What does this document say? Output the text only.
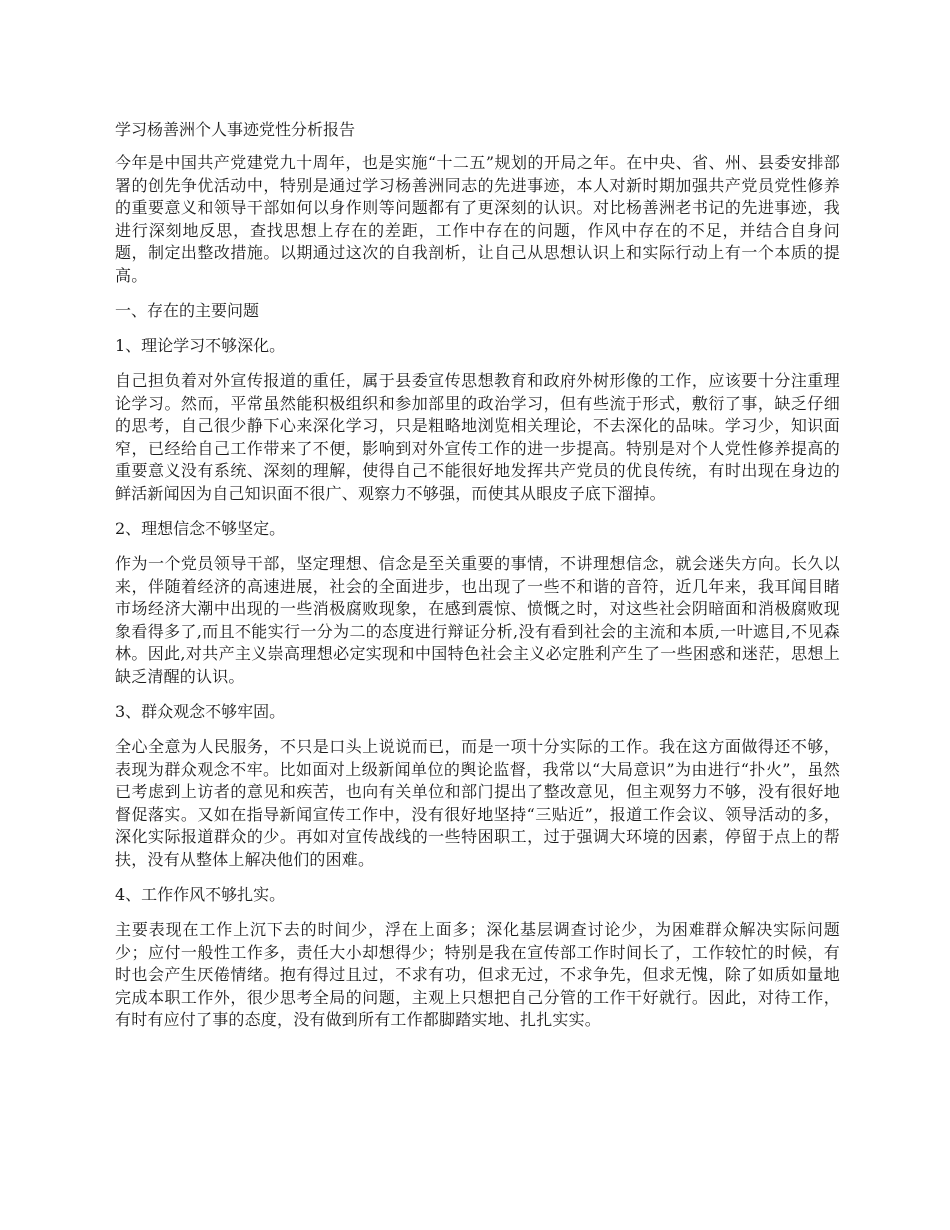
学习杨善洲个人事迹党性分析报告

今年是中国共产党建党九十周年，也是实施“十二五”规划的开局之年。在中央、省、州、县委安排部署的创先争优活动中，特别是通过学习杨善洲同志的先进事迹，本人对新时期加强共产党员党性修养的重要意义和领导干部如何以身作则等问题都有了更深刻的认识。对比杨善洲老书记的先进事迹，我进行深刻地反思，查找思想上存在的差距，工作中存在的问题，作风中存在的不足，并结合自身问题，制定出整改措施。以期通过这次的自我剖析，让自己从思想认识上和实际行动上有一个本质的提高。

一、存在的主要问题
1、理论学习不够深化。

自己担负着对外宣传报道的重任，属于县委宣传思想教育和政府外树形像的工作，应该要十分注重理论学习。然而，平常虽然能积极组织和参加部里的政治学习，但有些流于形式，敷衍了事，缺乏仔细的思考，自己很少静下心来深化学习，只是粗略地浏览相关理论，不去深化的品味。学习少，知识面窄，已经给自己工作带来了不便，影响到对外宣传工作的进一步提高。特别是对个人党性修养提高的重要意义没有系统、深刻的理解，使得自己不能很好地发挥共产党员的优良传统，有时出现在身边的鲜活新闻因为自己知识面不很广、观察力不够强，而使其从眼皮子底下溜掉。

2、理想信念不够坚定。

作为一个党员领导干部，坚定理想、信念是至关重要的事情，不讲理想信念，就会迷失方向。长久以来，伴随着经济的高速进展，社会的全面进步，也出现了一些不和谐的音符，近几年来，我耳闻目睹市场经济大潮中出现的一些消极腐败现象，在感到震惊、愤慨之时，对这些社会阴暗面和消极腐败现象看得多了,而且不能实行一分为二的态度进行辩证分析,没有看到社会的主流和本质,一叶遮目,不见森林。因此,对共产主义崇高理想必定实现和中国特色社会主义必定胜利产生了一些困惑和迷茫，思想上缺乏清醒的认识。

3、群众观念不够牢固。

全心全意为人民服务，不只是口头上说说而已，而是一项十分实际的工作。我在这方面做得还不够，表现为群众观念不牢。比如面对上级新闻单位的舆论监督，我常以“大局意识”为由进行“扑火”，虽然已考虑到上访者的意见和疾苦，也向有关单位和部门提出了整改意见，但主观努力不够，没有很好地督促落实。又如在指导新闻宣传工作中，没有很好地坚持“三贴近”，报道工作会议、领导活动的多，深化实际报道群众的少。再如对宣传战线的一些特困职工，过于强调大环境的因素，停留于点上的帮扶，没有从整体上解决他们的困难。

4、工作作风不够扎实。

主要表现在工作上沉下去的时间少，浮在上面多；深化基层调查讨论少，为困难群众解决实际问题少；应付一般性工作多，责任大小却想得少；特别是我在宣传部工作时间长了，工作较忙的时候，有时也会产生厌倦情绪。抱有得过且过，不求有功，但求无过，不求争先，但求无愧，除了如质如量地完成本职工作外，很少思考全局的问题，主观上只想把自己分管的工作干好就行。因此，对待工作，有时有应付了事的态度，没有做到所有工作都脚踏实地、扎扎实实。
